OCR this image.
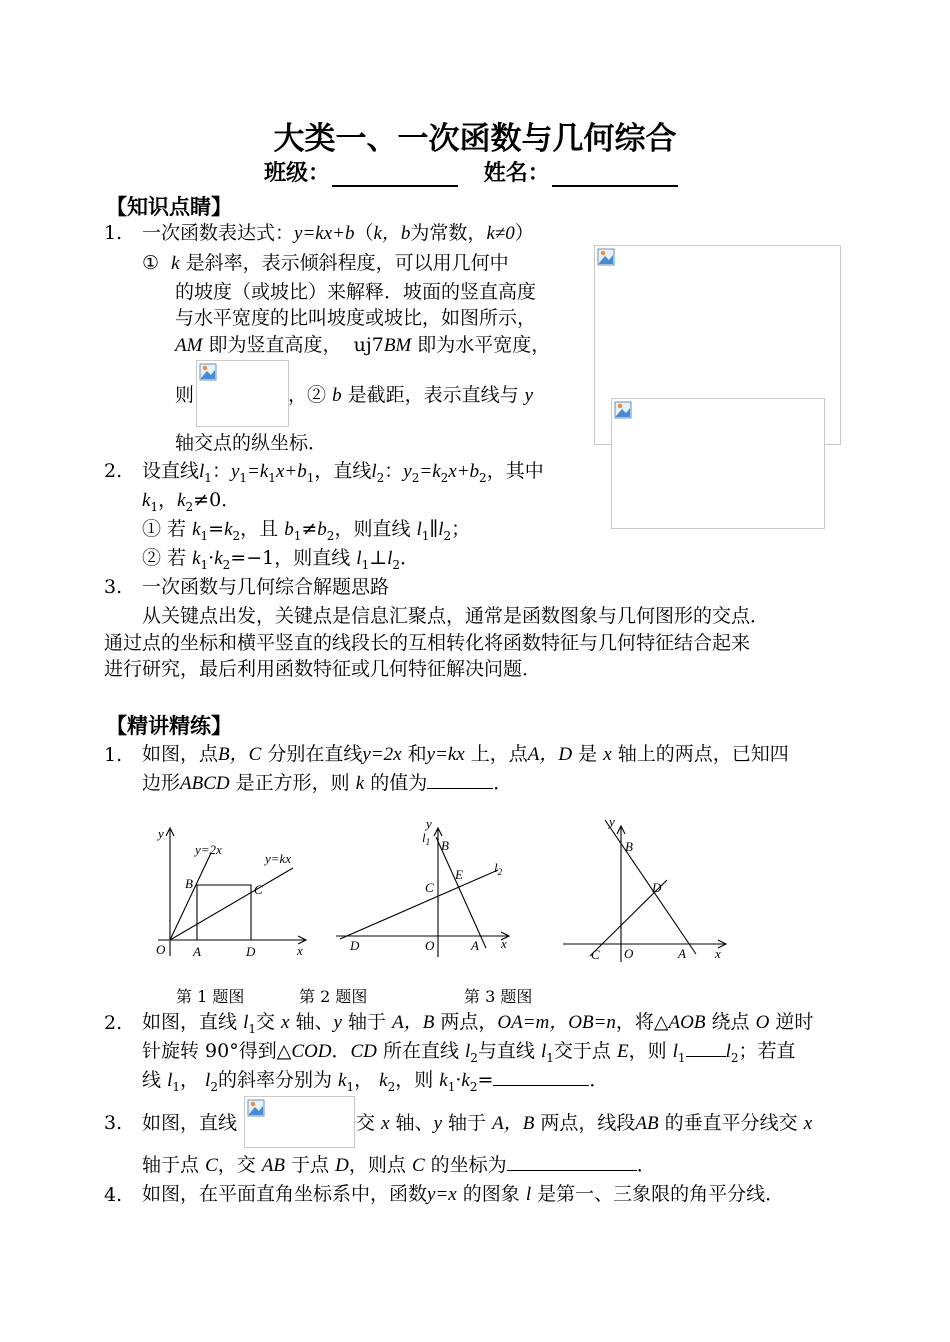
大类一、一次函数与几何综合
班级：	姓名：
【知识点睛】
1. 一次函数表达式：y=kx+b（k，b为常数，k≠0）
① k 是斜率，表示倾斜程度，可以用几何中
的坡度（或坡比）来解释．坡面的竖直高度
与水平宽度的比叫坡度或坡比，如图所示，
AM 即为竖直高度， uj7BM 即为水平宽度，
则	，② b 是截距，表示直线与 y
轴交点的纵坐标．
2. 设直线$l_1$：$y_1=k_1x+b_1$，直线$l_2$：$y_2=k_2x+b_2$，其中
$k_1$，$k_2\ne 0$．
① 若 $k_1=k_2$，且 $b_1\ne b_2$，则直线 $l_1\parallel l_2$；
② 若 $k_1\cdot k_2=-1$，则直线 $l_1\perp l_2$．
3. 一次函数与几何综合解题思路
从关键点出发，关键点是信息汇聚点，通常是函数图象与几何图形的交点．
通过点的坐标和横平竖直的线段长的互相转化将函数特征与几何特征结合起来
进行研究，最后利用函数特征或几何特征解决问题．
【精讲精练】
1. 如图，点B，C 分别在直线y=2x 和y=kx 上，点A，D 是 x 轴上的两点，已知四
边形ABCD 是正方形，则 k 的值为	．
y
x
O A	D
B	C
y=2x
y=kx
y
x
$l_1$
$l_2$
B
C
E
D	O	A
y
x
B
D
C O	A
第 1 题图	第 2 题图	第 3 题图
2. 如图，直线 $l_1$交 x 轴、y 轴于 A，B 两点，OA=m，OB=n，将△AOB 绕点 O 逆时
针旋转 90°得到△COD．CD 所在直线 $l_2$与直线 $l_1$交于点 E，则 $l_1$ $l_2$；若直
线 $l_1$， $l_2$的斜率分别为 $k_1$， $k_2$，则 $k_1\cdot k_2=$	．
3. 如图，直线	交 x 轴、y 轴于 A，B 两点，线段AB 的垂直平分线交 x
轴于点 C，交 AB 于点 D，则点 C 的坐标为	．
4. 如图，在平面直角坐标系中，函数y=x 的图象 l 是第一、三象限的角平分线．
